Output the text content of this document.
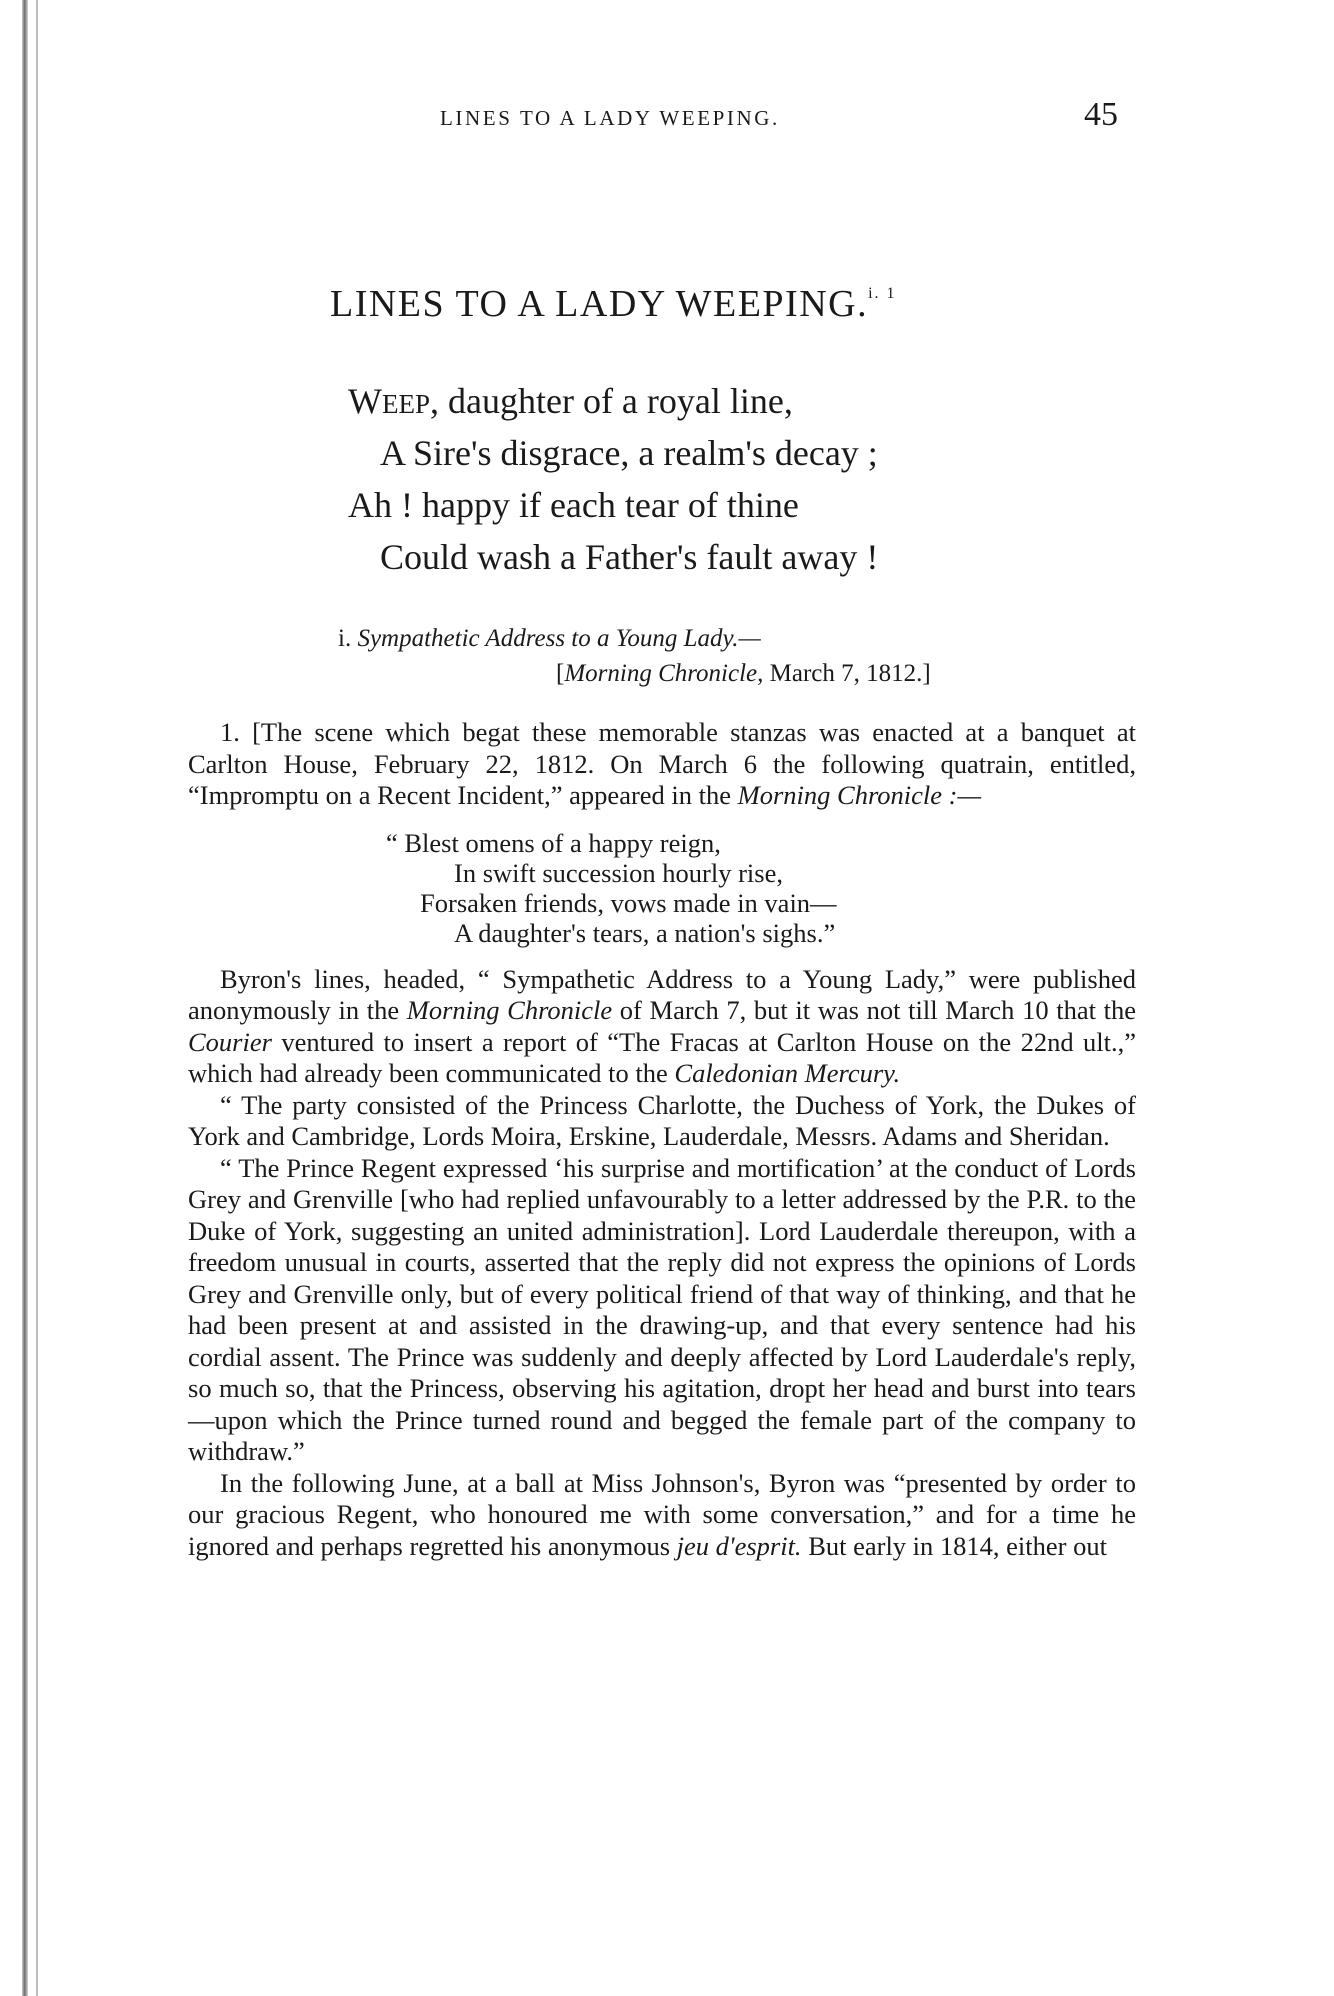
LINES TO A LADY WEEPING.	45
LINES TO A LADY WEEPING.$^{i. 1}$
WEEP, daughter of a royal line,
A Sire's disgrace, a realm's decay ;
Ah ! happy if each tear of thine
Could wash a Father's fault away !
i. Sympathetic Address to a Young Lady.—
[Morning Chronicle, March 7, 1812.]

1. [The scene which begat these memorable stanzas was enacted at a banquet at Carlton House, February 22, 1812. On March 6 the following quatrain, entitled, “Impromptu on a Recent Incident,” appeared in the Morning Chronicle :—

“ Blest omens of a happy reign,
In swift succession hourly rise,
Forsaken friends, vows made in vain—
A daughter's tears, a nation's sighs.”

Byron's lines, headed, “ Sympathetic Address to a Young Lady,” were published anonymously in the Morning Chronicle of March 7, but it was not till March 10 that the Courier ventured to insert a report of “The Fracas at Carlton House on the 22nd ult.,” which had already been communicated to the Caledonian Mercury.

“ The party consisted of the Princess Charlotte, the Duchess of York, the Dukes of York and Cambridge, Lords Moira, Erskine, Lauderdale, Messrs. Adams and Sheridan.

“ The Prince Regent expressed ‘his surprise and mortification’ at the conduct of Lords Grey and Grenville [who had replied unfavourably to a letter addressed by the P.R. to the Duke of York, suggesting an united administration]. Lord Lauderdale thereupon, with a freedom unusual in courts, asserted that the reply did not express the opinions of Lords Grey and Grenville only, but of every political friend of that way of thinking, and that he had been present at and assisted in the drawing-up, and that every sentence had his cordial assent. The Prince was suddenly and deeply affected by Lord Lauderdale's reply, so much so, that the Princess, observing his agitation, dropt her head and burst into tears—upon which the Prince turned round and begged the female part of the company to withdraw.”

In the following June, at a ball at Miss Johnson's, Byron was “presented by order to our gracious Regent, who honoured me with some conversation,” and for a time he ignored and perhaps regretted his anonymous jeu d'esprit. But early in 1814, either out
